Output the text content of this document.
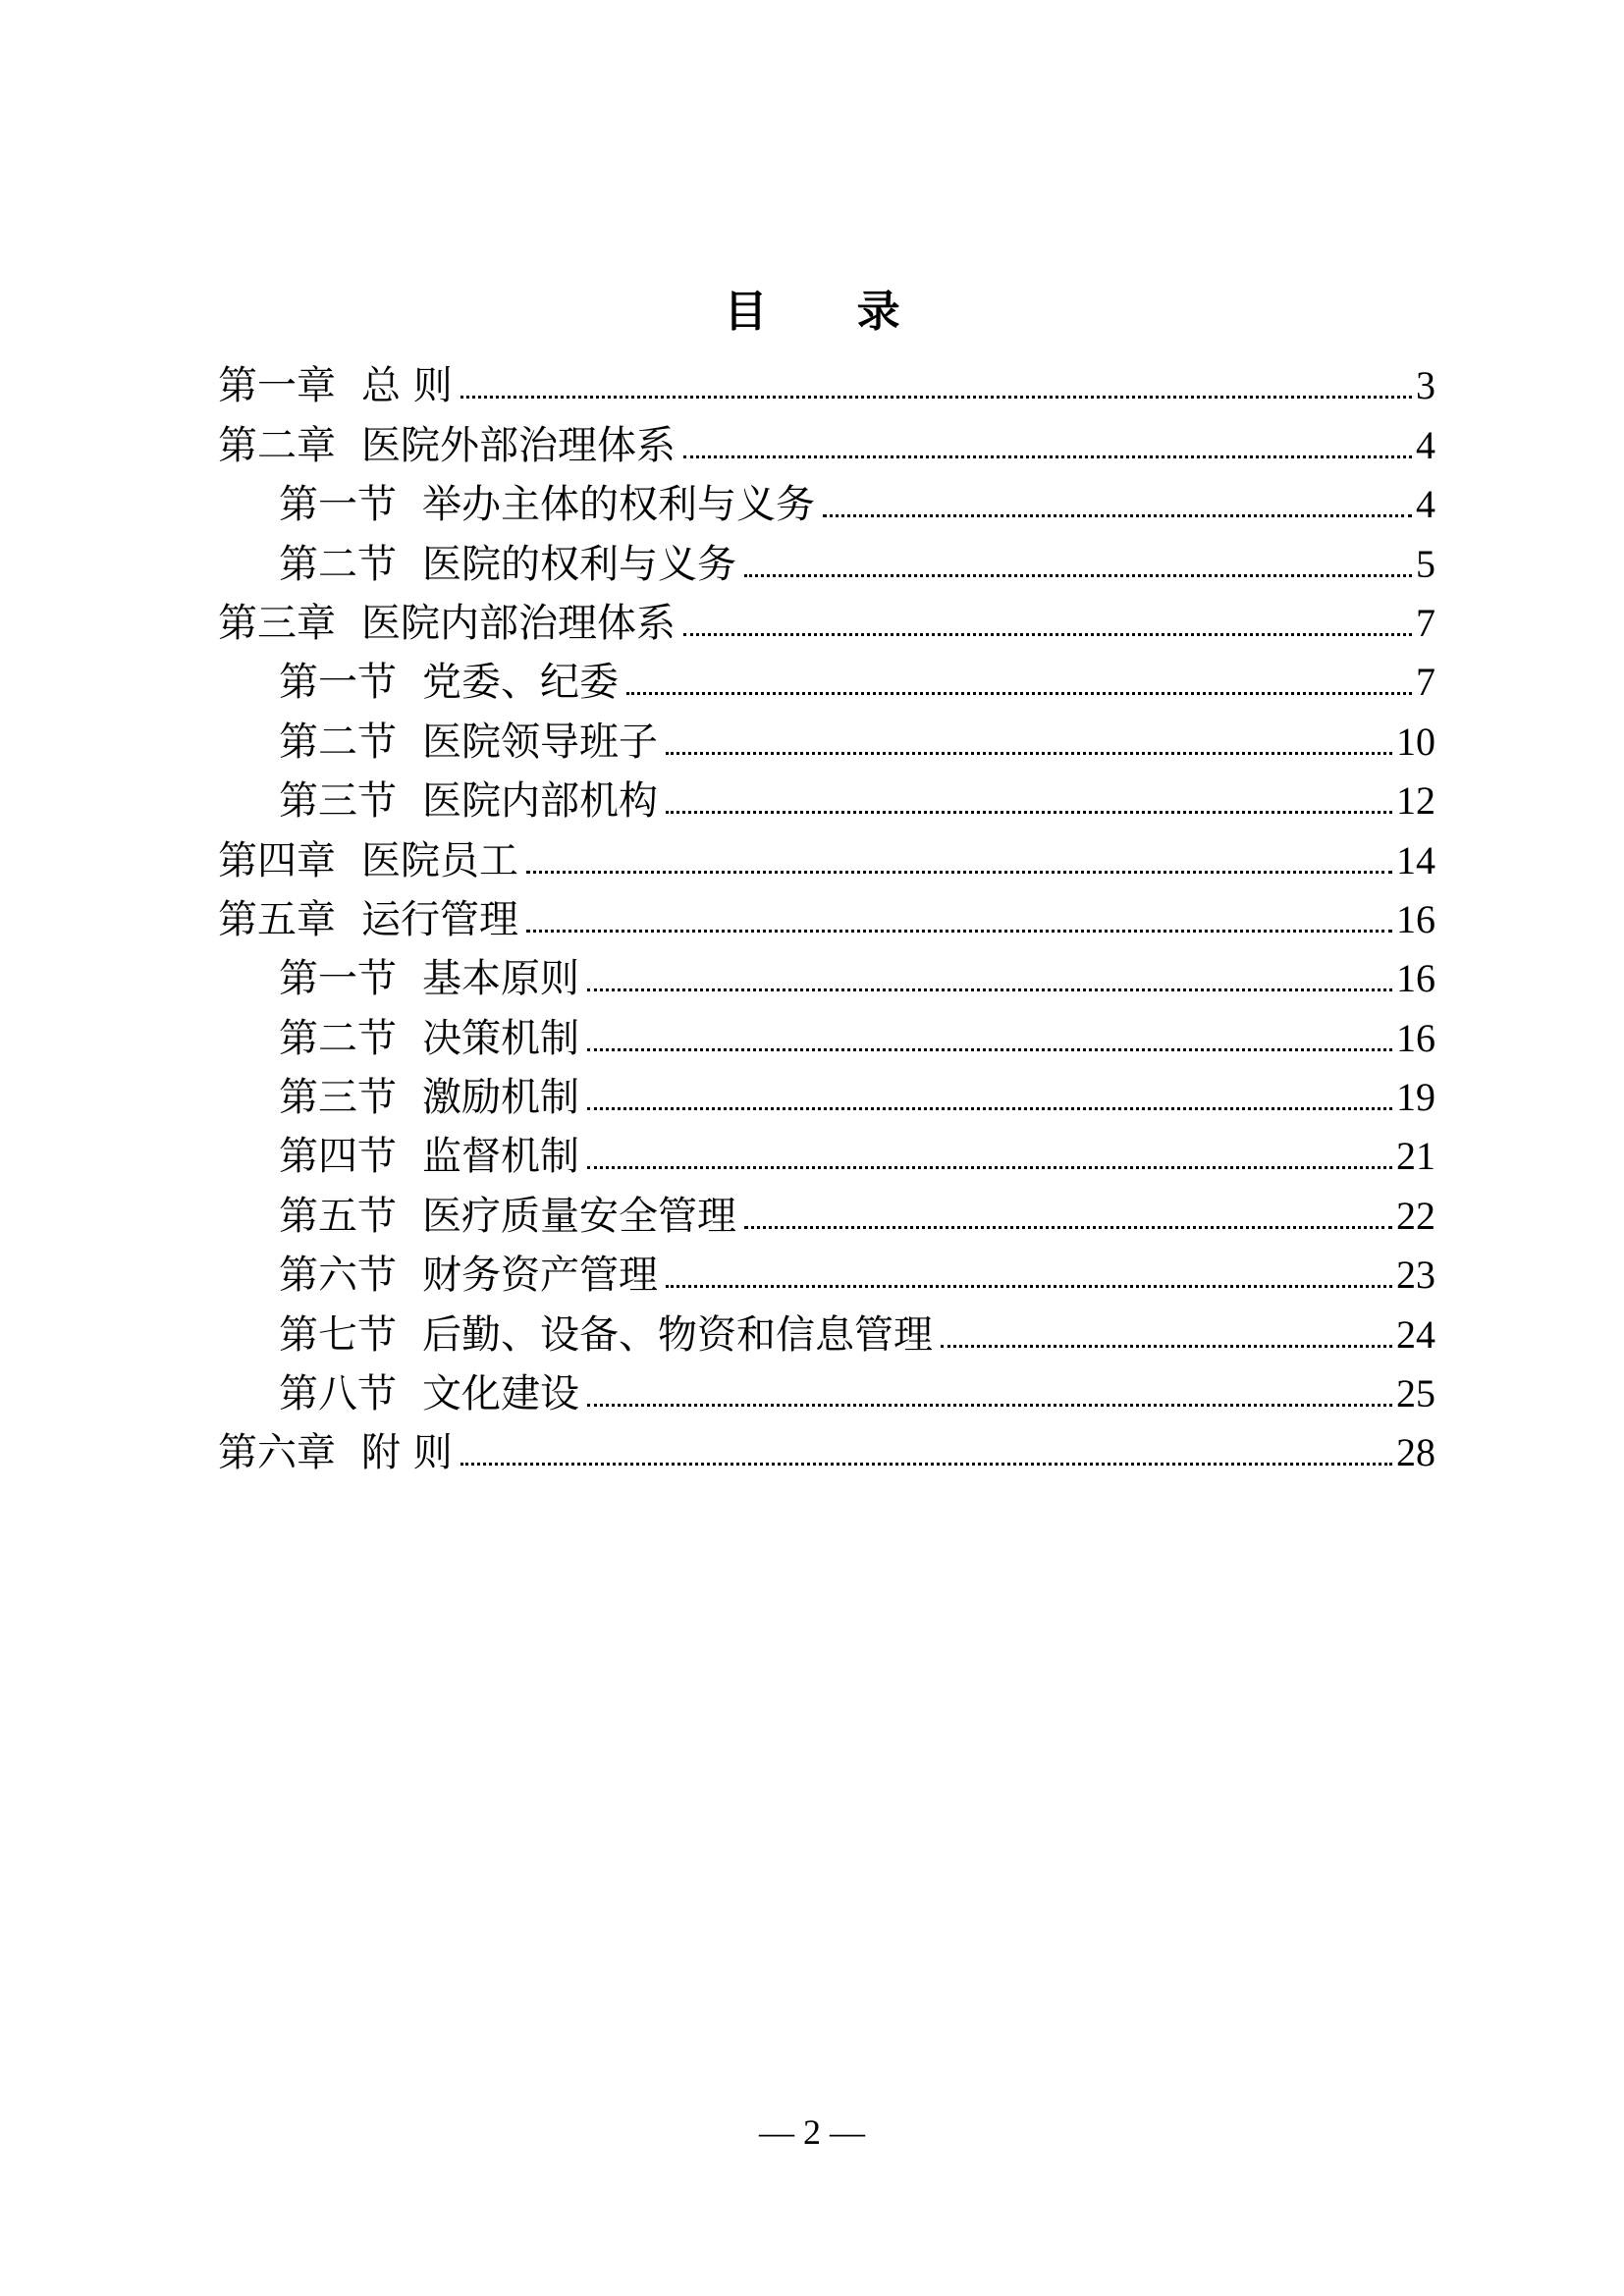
目 录
第一章 总 则	3
第二章 医院外部治理体系	4
第一节 举办主体的权利与义务	4
第二节 医院的权利与义务	5
第三章 医院内部治理体系	7
第一节 党委、纪委	7
第二节 医院领导班子	10
第三节 医院内部机构	12
第四章 医院员工	14
第五章 运行管理	16
第一节 基本原则	16
第二节 决策机制	16
第三节 激励机制	19
第四节 监督机制	21
第五节 医疗质量安全管理	22
第六节 财务资产管理	23
第七节 后勤、设备、物资和信息管理	24
第八节 文化建设	25
第六章 附 则	28
— 2 —
